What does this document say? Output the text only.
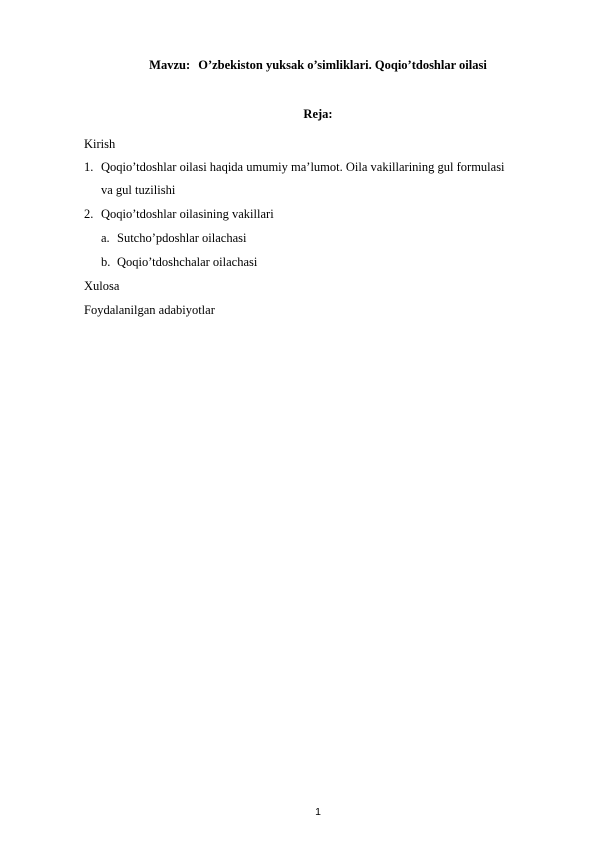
Mavzu: O’zbekiston yuksak o’simliklari. Qoqio’tdoshlar oilasi
Reja:
Kirish
1. Qoqio’tdoshlar oilasi haqida umumiy ma’lumot. Oila vakillarining gul formulasi
va gul tuzilishi
2. Qoqio’tdoshlar oilasining vakillari
a. Sutcho’pdoshlar oilachasi
b. Qoqio’tdoshchalar oilachasi
Xulosa
Foydalanilgan adabiyotlar
1
